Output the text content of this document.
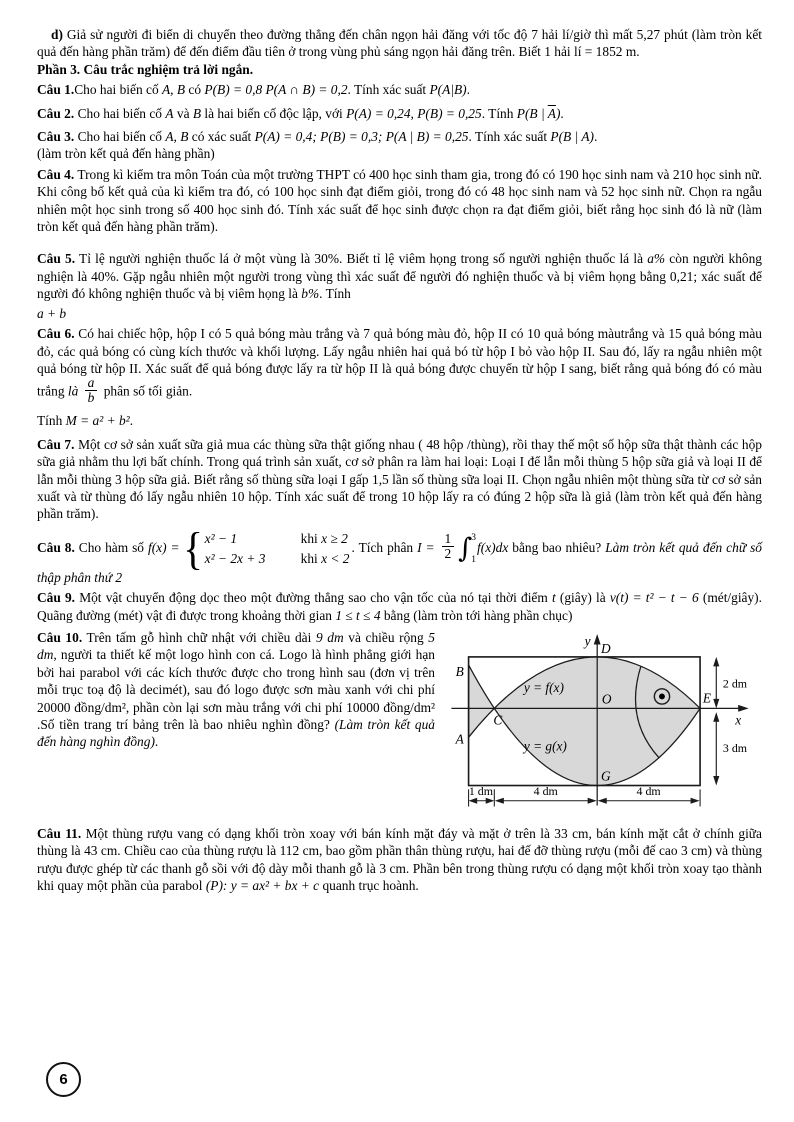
d) Giả sử người đi biển di chuyển theo đường thẳng đến chân ngọn hải đăng với tốc độ 7 hải lí/giờ thì mất 5,27 phút (làm tròn kết quả đến hàng phần trăm) để đến điểm đầu tiên ở trong vùng phủ sáng ngọn hải đăng trên. Biết 1 hải lí = 1852 m.

Phần 3. Câu trắc nghiệm trả lời ngắn.

Câu 1.Cho hai biến cố A, B có P(B) = 0,8 P(A ∩ B) = 0,2. Tính xác suất P(A|B).

Câu 2. Cho hai biến cố A và B là hai biến cố độc lập, với P(A) = 0,24, P(B) = 0,25. Tính P(B | $\overline{A}$).

Câu 3. Cho hai biến cố A, B có xác suất P(A) = 0,4; P(B) = 0,3; P(A | B) = 0,25. Tính xác suất P(B | A).

(làm tròn kết quả đến hàng phần)

Câu 4. Trong kì kiểm tra môn Toán của một trường THPT có 400 học sinh tham gia, trong đó có 190 học sinh nam và 210 học sinh nữ. Khi công bố kết quả của kì kiểm tra đó, có 100 học sinh đạt điểm giỏi, trong đó có 48 học sinh nam và 52 học sinh nữ. Chọn ra ngẫu nhiên một học sinh trong số 400 học sinh đó. Tính xác suất để học sinh được chọn ra đạt điểm giỏi, biết rằng học sinh đó là nữ (làm tròn kết quả đến hàng phần trăm).

Câu 5. Tỉ lệ người nghiện thuốc lá ở một vùng là 30%. Biết tỉ lệ viêm họng trong số người nghiện thuốc lá là a% còn người không nghiện là 40%. Gặp ngẫu nhiên một người trong vùng thì xác suất để người đó nghiện thuốc và bị viêm họng bằng 0,21; xác suất để người đó không nghiện thuốc và bị viêm họng là b%. Tính

a + b

Câu 6. Có hai chiếc hộp, hộp I có 5 quả bóng màu trắng và 7 quả bóng màu đỏ, hộp II có 10 quả bóng màutrắng và 15 quả bóng màu đỏ, các quả bóng có cùng kích thước và khối lượng. Lấy ngẫu nhiên hai quả bó từ hộp I bỏ vào hộp II. Sau đó, lấy ra ngẫu nhiên một quả bóng từ hộp II. Xác suất để quả bóng được lấy ra từ hộp II là quả bóng được chuyển từ hộp I sang, biết rằng quả bóng đó có màu trắng là $\frac{a}{b}$ phân số tối giản.

Tính M = a² + b².

Câu 7. Một cơ sở sản xuất sữa giả mua các thùng sữa thật giống nhau ( 48 hộp /thùng), rồi thay thế một số hộp sữa thật thành các hộp sữa giả nhằm thu lợi bất chính. Trong quá trình sản xuất, cơ sở phân ra làm hai loại: Loại I để lẫn mỗi thùng 5 hộp sữa giả và loại II để lẫn mỗi thùng 3 hộp sữa giả. Biết rằng số thùng sữa loại I gấp 1,5 lần số thùng sữa loại II. Chọn ngẫu nhiên một thùng sữa từ cơ sở sản xuất và từ thùng đó lấy ngẫu nhiên 10 hộp. Tính xác suất để trong 10 hộp lấy ra có đúng 2 hộp sữa là giả (làm tròn kết quả đến hàng phần trăm).

Câu 8. Cho hàm số f(x) = { x² − 1	khi x ≥ 2
x² − 2x + 3	khi x < 2
. Tích phân $I = \frac{1}{2}$ ∫ 3
1
f(x)dx bằng bao nhiêu? Làm tròn kết quả đến chữ số thập phân thứ 2

Câu 9. Một vật chuyển động dọc theo một đường thẳng sao cho vận tốc của nó tại thời điểm t (giây) là v(t) = t² − t − 6 (mét/giây). Quãng đường (mét) vật đi được trong khoảng thời gian 1 ≤ t ≤ 4 bằng (làm tròn tới hàng phần chục)

Câu 10. Trên tấm gỗ hình chữ nhật với chiều dài 9 dm và chiều rộng 5 dm, người ta thiết kế một logo hình con cá. Logo là hình phẳng giới hạn bởi hai parabol với các kích thước được cho trong hình sau (đơn vị trên mỗi trục toạ độ là decimét), sau đó logo được sơn màu xanh với chi phí 20000 đồng/dm², phần còn lại sơn màu trắng với chi phí 10000 đồng/dm² .Số tiền trang trí bảng trên là bao nhiêu nghìn đồng? (Làm tròn kết quả đến hàng nghìn đồng).

y
D
B
A
C
O	E
G
x
y = f(x)
y = g(x)
2 dm
3 dm
1 dm	4 dm	4 dm

Câu 11. Một thùng rượu vang có dạng khối tròn xoay với bán kính mặt đáy và mặt ở trên là 33 cm, bán kính mặt cắt ở chính giữa thùng là 43 cm. Chiều cao của thùng rượu là 112 cm, bao gồm phần thân thùng rượu, hai đế đỡ thùng rượu (mỗi đế cao 3 cm) và thùng rượu được ghép từ các thanh gỗ sồi với độ dày mỗi thanh gỗ là 3 cm. Phần bên trong thùng rượu có dạng một khối tròn xoay tạo thành khi quay một phần của parabol (P): y = ax² + bx + c quanh trục hoành.

6
